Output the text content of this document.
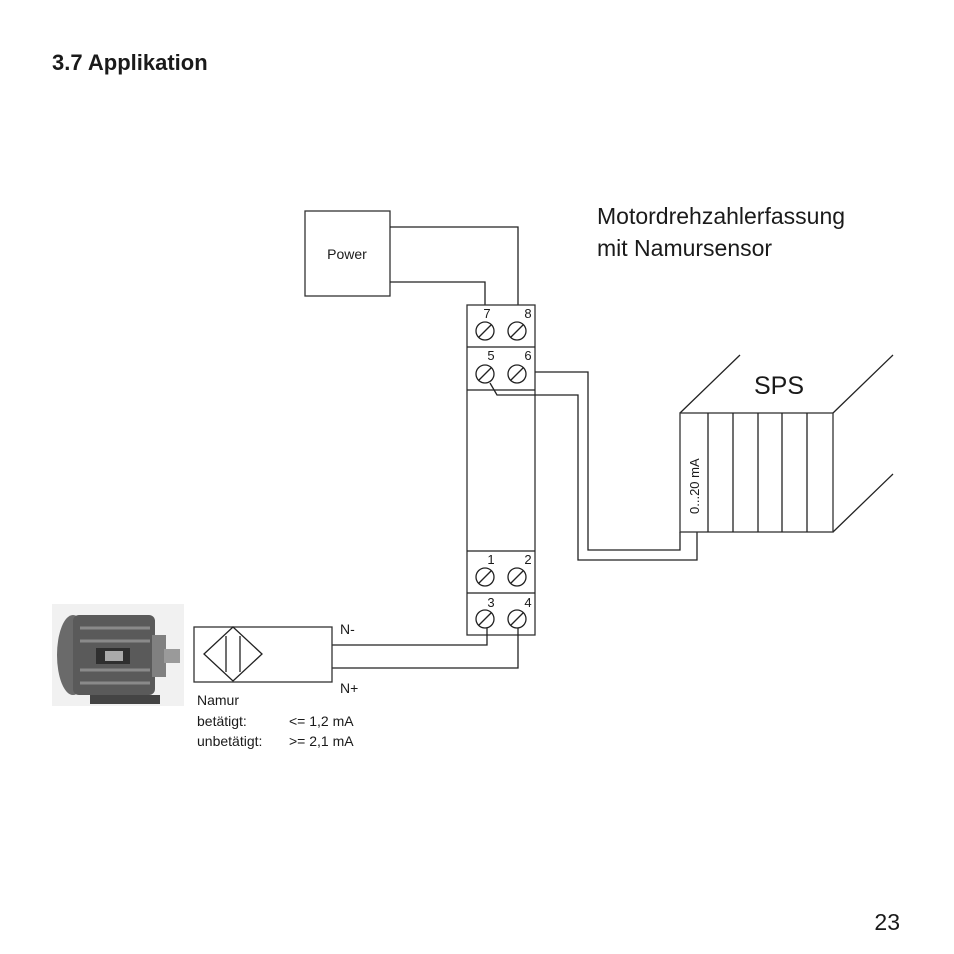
3.7 Applikation
Motordrehzahlerfassung
mit Namursensor
Power
7	8
5 6
1 2
3 4
SPS
0...20 mA
N-
N+
Namur
betätigt:	<= 1,2 mA
unbetätigt: >= 2,1 mA
23
